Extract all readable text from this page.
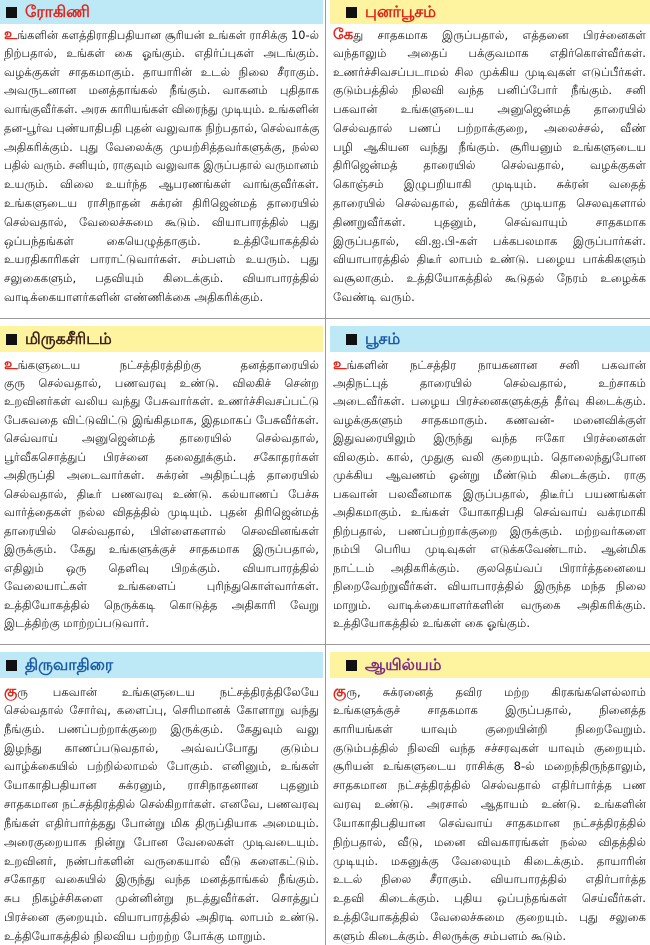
ரோகிணி
உங்களின் களத்திராதிபதியான சூரியன் உங்கள் ராசிக்கு 10-ல்
நிற்பதால், உங்கள் கை ஓங்கும். எதிர்ப்புகள் அடங்கும்.
வழக்குகள் சாதகமாகும். தாயாரின் உடல் நிலை சீராகும்.
அவருடனான மனத்தாங்கல் நீங்கும். வாகனம் புதிதாக
வாங்குவீர்கள். அரசு காரியங்கள் விரைந்து முடியும். உங்களின்
தன-பூர்வ புண்யாதிபதி புதன் வலுவாக நிற்பதால், செல்வாக்கு
அதிகரிக்கும். புது வேலைக்கு முயற்சித்தவர்களுக்கு, நல்ல
பதில் வரும். சனியும், ராகுவும் வலுவாக இருப்பதால் வருமானம்
உயரும். விலை உயர்ந்த ஆபரணங்கள் வாங்குவீர்கள்.
உங்களுடைய ராசிநாதன் சுக்ரன் திரிஜென்மத் தாரையில்
செல்வதால், வேலைச்சுமை கூடும். வியாபாரத்தில் புது
ஒப்பந்தங்கள் கையெழுத்தாகும். உத்தியோகத்தில்
உயரதிகாரிகள் பாராட்டுவார்கள். சம்பளம் உயரும். புது
சலுகைகளும், பதவியும் கிடைக்கும். வியாபாரத்தில்
வாடிக்கையாளர்களின் எண்ணிக்கை அதிகரிக்கும்.
புனர்பூசம்
கேது சாதகமாக இருப்பதால், எத்தனை பிரச்னைகள்
வந்தாலும் அதைப் பக்குவமாக எதிர்கொள்வீர்கள்.
உணர்ச்சிவசப்படாமல் சில முக்கிய முடிவுகள் எடுப்பீர்கள்.
குடும்பத்தில் நிலவி வந்த பனிப்போர் நீங்கும். சனி
பகவான் உங்களுடைய அனுஜென்மத் தாரையில்
செல்வதால் பணப் பற்றாக்குறை, அலைச்சல், வீண்
பழி ஆகியன வந்து நீங்கும். சூரியனும் உங்களுடைய
திரிஜென்மத் தாரையில் செல்வதால், வழக்குகள்
கொஞ்சம் இழுபறியாகி முடியும். சுக்ரன் வதைத்
தாரையில் செல்வதால், தவிர்க்க முடியாத செலவுகளால்
திணறுவீர்கள். புதனும், செவ்வாயும் சாதகமாக
இருப்பதால், வி.ஐ.பி-கள் பக்கபலமாக இருப்பார்கள்.
வியாபாரத்தில் திடீர் லாபம் உண்டு. பழைய பாக்கிகளும்
வசூலாகும். உத்தியோகத்தில் கூடுதல் நேரம் உழைக்க
வேண்டி வரும்.
மிருகசீரிடம்
உங்களுடைய நட்சத்திரத்திற்கு தனத்தாரையில்
குரு செல்வதால், பணவரவு உண்டு. விலகிச் சென்ற
உறவினர்கள் வலிய வந்து பேசுவார்கள். உணர்ச்சிவசப்பட்டு
பேசுவதை விட்டுவிட்டு இங்கிதமாக, இதமாகப் பேசுவீர்கள்.
செவ்வாய் அனுஜென்மத் தாரையில் செல்வதால்,
பூர்வீகசொத்துப் பிரச்னை தலைதூக்கும். சகோதரர்கள்
அதிருப்தி அடைவார்கள். சுக்ரன் அதிநட்புத் தாரையில்
செல்வதால், திடீர் பணவரவு உண்டு. கல்யாணப் பேச்சு
வார்த்தைகள் நல்ல விதத்தில் முடியும். புதன் திரிஜென்மத்
தாரையில் செல்வதால், பிள்ளைகளால் செலவினங்கள்
இருக்கும். கேது உங்களுக்குச் சாதகமாக இருப்பதால்,
எதிலும் ஒரு தெளிவு பிறக்கும். வியாபாரத்தில்
வேலையாட்கள் உங்களைப் புரிந்துகொள்வார்கள்.
உத்தியோகத்தில் நெருக்கடி கொடுத்த அதிகாரி வேறு
இடத்திற்கு மாற்றப்படுவார்.
பூசம்
உங்களின் நட்சத்திர நாயகனான சனி பகவான்
அதிநட்புத் தாரையில் செல்வதால், உற்சாகம்
அடைவீர்கள். பழைய பிரச்னைகளுக்குத் தீர்வு கிடைக்கும்.
வழக்குகளும் சாதகமாகும். கணவன்- மனைவிக்குள்
இதுவரையிலும் இருந்து வந்த ஈகோ பிரச்னைகள்
விலகும். கால், முதுகு வலி குறையும். தொலைந்துபோன
முக்கிய ஆவணம் ஒன்று மீண்டும் கிடைக்கும். ராகு
பகவான் பலவீனமாக இருப்பதால், திடீர்ப் பயணங்கள்
அதிகமாகும். உங்கள் யோகாதிபதி செவ்வாய் வக்ரமாகி
நிற்பதால், பணப்பற்றாக்குறை இருக்கும். மற்றவர்களை
நம்பி பெரிய முடிவுகள் எடுக்கவேண்டாம். ஆன்மிக
நாட்டம் அதிகரிக்கும். குலதெய்வப் பிரார்த்தனையை
நிறைவேற்றுவீர்கள். வியாபாரத்தில் இருந்த மந்த நிலை
மாறும். வாடிக்கையாளர்களின் வருகை அதிகரிக்கும்.
உத்தியோகத்தில் உங்கள் கை ஓங்கும்.
திருவாதிரை
குரு பகவான் உங்களுடைய நட்சத்திரத்திலேயே
செல்வதால் சோர்வு, களைப்பு, செரிமானக் கோளாறு வந்து
நீங்கும். பணப்பற்றாக்குறை இருக்கும். கேதுவும் வலு
இழந்து காணப்படுவதால், அவ்வப்போது குடும்ப
வாழ்க்கையில் பற்றில்லாமல் போகும். எனினும், உங்கள்
யோகாதிபதியான சுக்ரனும், ராசிநாதனான புதனும்
சாதகமான நட்சத்திரத்தில் செல்கிறார்கள். எனவே, பணவரவு
நீங்கள் எதிர்பார்த்தது போன்று மிக திருப்தியாக அமையும்.
அரைகுறையாக நின்று போன வேலைகள் முடிவடையும்.
உறவினர், நண்பர்களின் வருகையால் வீடு களைகட்டும்.
சகோதர வகையில் இருந்து வந்த மனத்தாங்கல் நீங்கும்.
சுப நிகழ்ச்சிகளை முன்னின்று நடத்துவீர்கள். சொத்துப்
பிரச்னை குறையும். வியாபாரத்தில் அதிரடி லாபம் உண்டு.
உத்தியோகத்தில் நிலவிய பற்றற்ற போக்கு மாறும்.
ஆயில்யம்
குரு, சுக்ரனைத் தவிர மற்ற கிரகங்களெல்லாம்
உங்களுக்குச் சாதகமாக இருப்பதால், நினைத்த
காரியங்கள் யாவும் குறையின்றி நிறைவேறும்.
குடும்பத்தில் நிலவி வந்த சச்சரவுகள் யாவும் குறையும்.
சூரியன் உங்களுடைய ராசிக்கு 8-ல் மறைந்திருந்தாலும்,
சாதகமான நட்சத்திரத்தில் செல்வதால் எதிர்பார்த்த பண
வரவு உண்டு. அரசால் ஆதாயம் உண்டு. உங்களின்
யோகாதிபதியான செவ்வாய் சாதகமான நட்சத்திரத்தில்
நிற்பதால், வீடு, மனை விவகாரங்கள் நல்ல விதத்தில்
முடியும். மகனுக்கு வேலையும் கிடைக்கும். தாயாரின்
உடல் நிலை சீராகும். வியாபாரத்தில் எதிர்பார்த்த
உதவி கிடைக்கும். புதிய ஒப்பந்தங்கள் செய்வீர்கள்.
உத்தியோகத்தில் வேலைச்சுமை குறையும். புது சலுகை
களும் கிடைக்கும். சிலருக்கு சம்பளம் கூடும்.
